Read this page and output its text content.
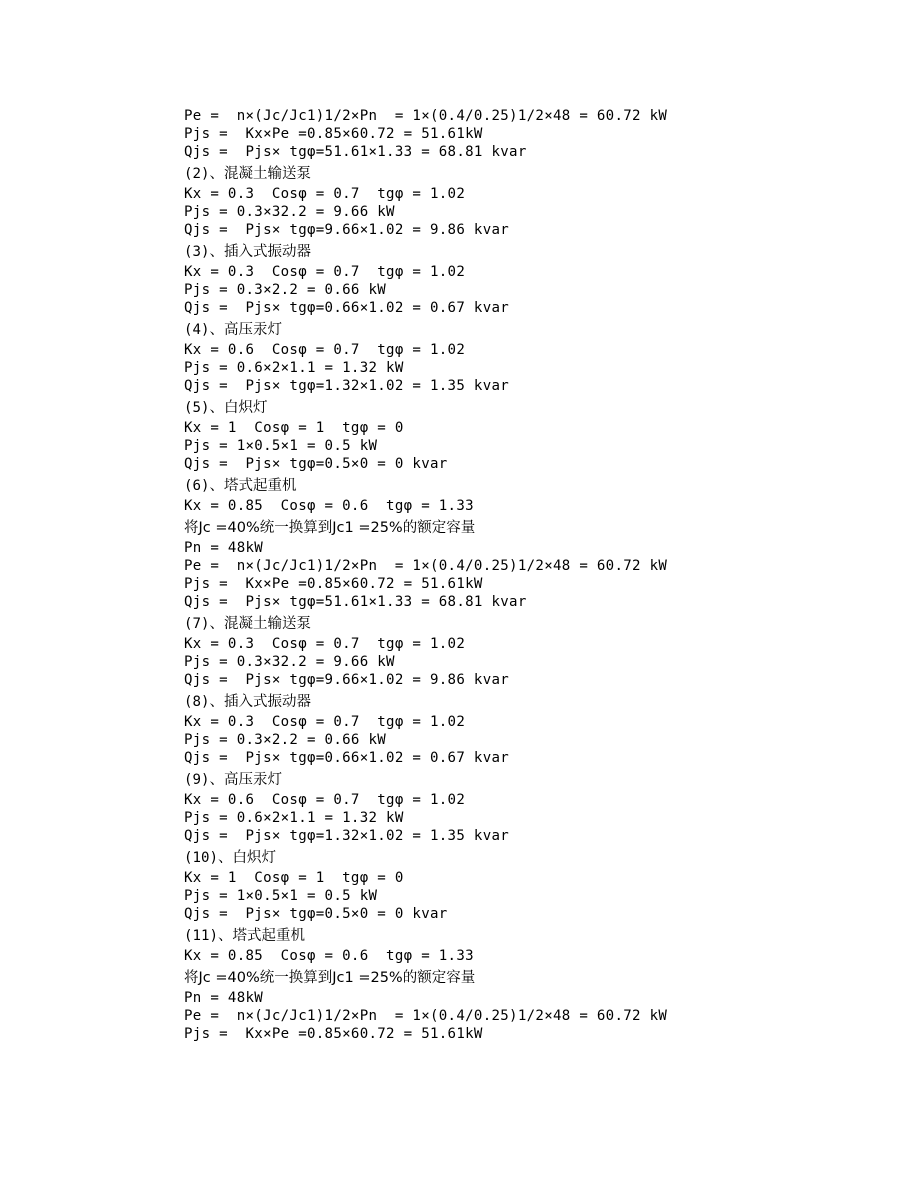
Pe =  n×(Jc/Jc1)1/2×Pn  = 1×(0.4/0.25)1/2×48 = 60.72 kW
Pjs =  Kx×Pe =0.85×60.72 = 51.61kW
Qjs =  Pjs× tgφ=51.61×1.33 = 68.81 kvar
(2)、混凝土输送泵
Kx = 0.3  Cosφ = 0.7  tgφ = 1.02
Pjs = 0.3×32.2 = 9.66 kW
Qjs =  Pjs× tgφ=9.66×1.02 = 9.86 kvar
(3)、插入式振动器
Kx = 0.3  Cosφ = 0.7  tgφ = 1.02
Pjs = 0.3×2.2 = 0.66 kW
Qjs =  Pjs× tgφ=0.66×1.02 = 0.67 kvar
(4)、高压汞灯
Kx = 0.6  Cosφ = 0.7  tgφ = 1.02
Pjs = 0.6×2×1.1 = 1.32 kW
Qjs =  Pjs× tgφ=1.32×1.02 = 1.35 kvar
(5)、白炽灯
Kx = 1  Cosφ = 1  tgφ = 0
Pjs = 1×0.5×1 = 0.5 kW
Qjs =  Pjs× tgφ=0.5×0 = 0 kvar
(6)、塔式起重机
Kx = 0.85  Cosφ = 0.6  tgφ = 1.33
将Jc =40%统一换算到Jc1 =25%的额定容量
Pn = 48kW
Pe =  n×(Jc/Jc1)1/2×Pn  = 1×(0.4/0.25)1/2×48 = 60.72 kW
Pjs =  Kx×Pe =0.85×60.72 = 51.61kW
Qjs =  Pjs× tgφ=51.61×1.33 = 68.81 kvar
(7)、混凝土输送泵
Kx = 0.3  Cosφ = 0.7  tgφ = 1.02
Pjs = 0.3×32.2 = 9.66 kW
Qjs =  Pjs× tgφ=9.66×1.02 = 9.86 kvar
(8)、插入式振动器
Kx = 0.3  Cosφ = 0.7  tgφ = 1.02
Pjs = 0.3×2.2 = 0.66 kW
Qjs =  Pjs× tgφ=0.66×1.02 = 0.67 kvar
(9)、高压汞灯
Kx = 0.6  Cosφ = 0.7  tgφ = 1.02
Pjs = 0.6×2×1.1 = 1.32 kW
Qjs =  Pjs× tgφ=1.32×1.02 = 1.35 kvar
(10)、白炽灯
Kx = 1  Cosφ = 1  tgφ = 0
Pjs = 1×0.5×1 = 0.5 kW
Qjs =  Pjs× tgφ=0.5×0 = 0 kvar
(11)、塔式起重机
Kx = 0.85  Cosφ = 0.6  tgφ = 1.33
将Jc =40%统一换算到Jc1 =25%的额定容量
Pn = 48kW
Pe =  n×(Jc/Jc1)1/2×Pn  = 1×(0.4/0.25)1/2×48 = 60.72 kW
Pjs =  Kx×Pe =0.85×60.72 = 51.61kW
